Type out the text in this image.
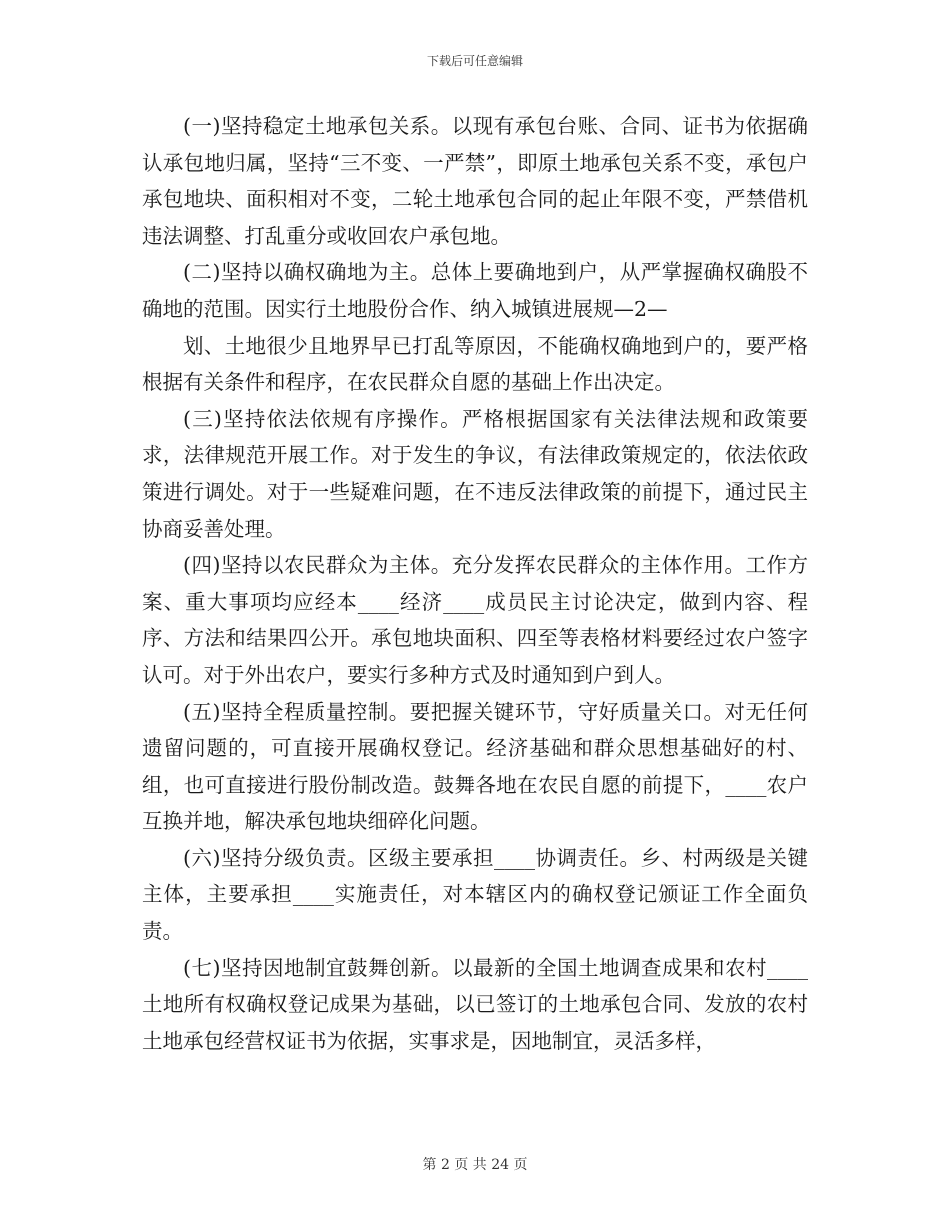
下载后可任意编辑

(一)坚持稳定土地承包关系。以现有承包台账、合同、证书为依据确认承包地归属，坚持“三不变、一严禁”，即原土地承包关系不变，承包户承包地块、面积相对不变，二轮土地承包合同的起止年限不变，严禁借机违法调整、打乱重分或收回农户承包地。

(二)坚持以确权确地为主。总体上要确地到户，从严掌握确权确股不确地的范围。因实行土地股份合作、纳入城镇进展规—2—

划、土地很少且地界早已打乱等原因，不能确权确地到户的，要严格根据有关条件和程序，在农民群众自愿的基础上作出决定。

(三)坚持依法依规有序操作。严格根据国家有关法律法规和政策要求，法律规范开展工作。对于发生的争议，有法律政策规定的，依法依政策进行调处。对于一些疑难问题，在不违反法律政策的前提下，通过民主协商妥善处理。

(四)坚持以农民群众为主体。充分发挥农民群众的主体作用。工作方案、重大事项均应经本____经济____成员民主讨论决定，做到内容、程序、方法和结果四公开。承包地块面积、四至等表格材料要经过农户签字认可。对于外出农户，要实行多种方式及时通知到户到人。

(五)坚持全程质量控制。要把握关键环节，守好质量关口。对无任何遗留问题的，可直接开展确权登记。经济基础和群众思想基础好的村、组，也可直接进行股份制改造。鼓舞各地在农民自愿的前提下，____农户互换并地，解决承包地块细碎化问题。

(六)坚持分级负责。区级主要承担____协调责任。乡、村两级是关键主体，主要承担____实施责任，对本辖区内的确权登记颁证工作全面负责。

(七)坚持因地制宜鼓舞创新。以最新的全国土地调查成果和农村____土地所有权确权登记成果为基础，以已签订的土地承包合同、发放的农村土地承包经营权证书为依据，实事求是，因地制宜，灵活多样，

第 2 页 共 24 页
